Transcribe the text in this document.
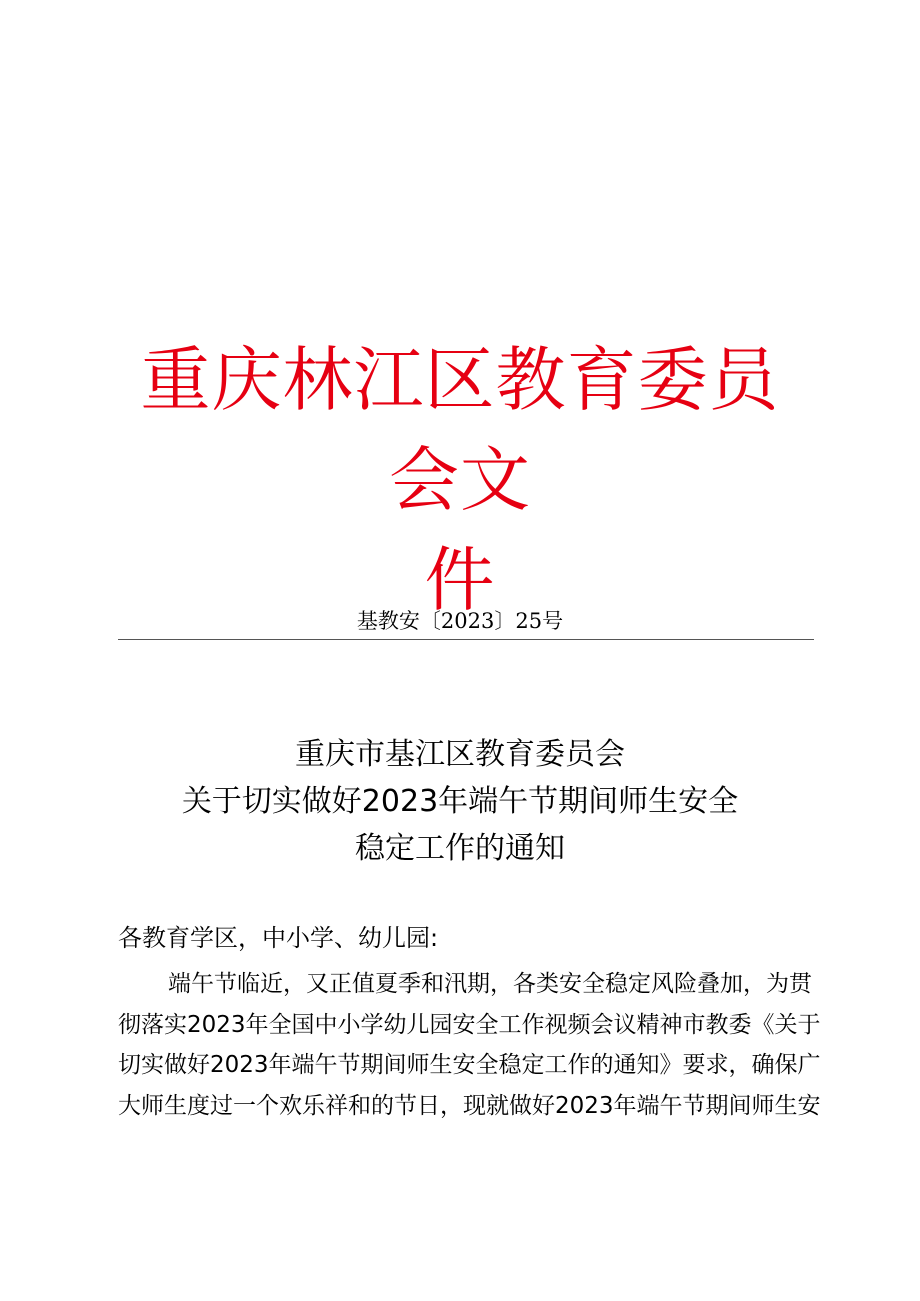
重庆林江区教育委员会文
件
基教安〔2023〕25号
重庆市基江区教育委员会
关于切实做好2023年端午节期间师生安全
稳定工作的通知
各教育学区，中小学、幼儿园:
端午节临近，又正值夏季和汛期，各类安全稳定风险叠加，为贯
彻落实2023年全国中小学幼儿园安全工作视频会议精神市教委《关于
切实做好2023年端午节期间师生安全稳定工作的通知》要求，确保广
大师生度过一个欢乐祥和的节日，现就做好2023年端午节期间师生安
